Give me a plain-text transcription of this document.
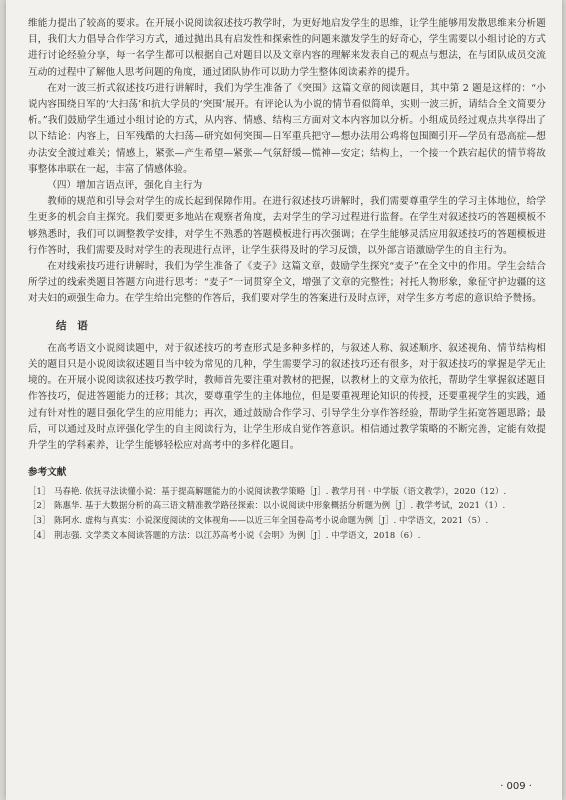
维能力提出了较高的要求。在开展小说阅读叙述技巧教学时，为更好地启发学生的思维，让学生能够用发散思维来分析题目，我们大力倡导合作学习方式，通过抛出具有启发性和探索性的问题来激发学生的好奇心，学生需要以小组讨论的方式进行讨论经验分享，每一名学生都可以根据自己对题目以及文章内容的理解来发表自己的观点与想法，在与团队成员交流互动的过程中了解他人思考问题的角度，通过团队协作可以助力学生整体阅读素养的提升。

在对一波三折式叙述技巧进行讲解时，我们为学生准备了《突围》这篇文章的阅读题目，其中第 2 题是这样的：“小说内容围绕日军的‘大扫荡’和抗大学员的‘突围’展开。有评论认为小说的情节看似简单，实则一波三折，请结合全文简要分析。”我们鼓励学生通过小组讨论的方式，从内容、情感、结构三方面对文本内容加以分析。小组成员经过观点共享得出了以下结论：内容上，日军残酷的大扫荡—研究如何突围—日军重兵把守—想办法用公鸡将包围圈引开—学员有恐高症—想办法安全渡过难关；情感上，紧张—产生希望—紧张—气氛舒缓—慌神—安定；结构上，一个接一个跌宕起伏的情节将故事整体串联在一起，丰富了情感体验。

（四）增加言语点评，强化自主行为

教师的规范和引导会对学生的成长起到保障作用。在进行叙述技巧讲解时，我们需要尊重学生的学习主体地位，给学生更多的机会自主探究。我们要更多地站在观察者角度，去对学生的学习过程进行监督。在学生对叙述技巧的答题模板不够熟悉时，我们可以调整教学安排，对学生不熟悉的答题模板进行再次强调；在学生能够灵活应用叙述技巧的答题模板进行作答时，我们需要及时对学生的表现进行点评，让学生获得及时的学习反馈，以外部言语激励学生的自主行为。

在对线索技巧进行讲解时，我们为学生准备了《麦子》这篇文章，鼓励学生探究“麦子”在全文中的作用。学生会结合所学过的线索类题目答题方向进行思考：“麦子”一词贯穿全文，增强了文章的完整性；衬托人物形象，象征守护边疆的这对夫妇的顽强生命力。在学生给出完整的作答后，我们要对学生的答案进行及时点评，对学生多方考虑的意识给予赞扬。

结　语

在高考语文小说阅读题中，对于叙述技巧的考查形式是多种多样的，与叙述人称、叙述顺序、叙述视角、情节结构相关的题目只是小说阅读叙述题目当中较为常见的几种，学生需要学习的叙述技巧还有很多，对于叙述技巧的掌握是学无止境的。在开展小说阅读叙述技巧教学时，教师首先要注重对教材的把握，以教材上的文章为依托，帮助学生掌握叙述题目作答技巧，促进答题能力的迁移；其次，要尊重学生的主体地位，但是要重视理论知识的传授，还要重视学生的实践，通过有针对性的题目强化学生的应用能力；再次，通过鼓励合作学习、引导学生分享作答经验，帮助学生拓宽答题思路；最后，可以通过及时点评强化学生的自主阅读行为，让学生形成自觉作答意识。相信通过教学策略的不断完善，定能有效提升学生的学科素养，让学生能够轻松应对高考中的多样化题目。

参考文献
［1］ 马春艳. 依抚寻法读懂小说：基于提高解题能力的小说阅读教学策略［J］. 教学月刊 · 中学版（语文教学），2020（12）.
［2］ 陈惠华. 基于大数据分析的高三语文精准教学路径探索：以小说阅读中形象概括分析题为例［J］. 教学考试，2021（1）.
［3］ 陈阿水. 虚构与真实：小说深度阅读的文体视角——以近三年全国卷高考小说命题为例［J］. 中学语文，2021（5）.
［4］ 荆志强. 文学类文本阅读答题的方法：以江苏高考小说《会明》为例［J］. 中学语文，2018（6）.
· 009 ·
